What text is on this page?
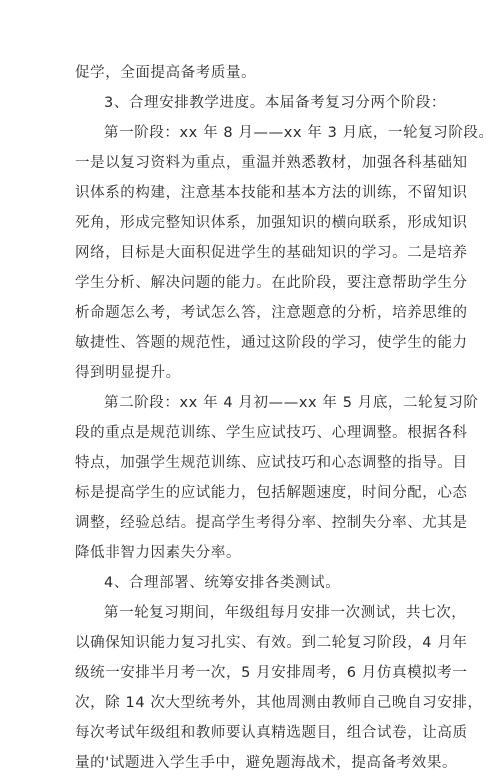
促学，全面提高备考质量。
3、合理安排教学进度。本届备考复习分两个阶段：
第一阶段：xx 年 8 月——xx 年 3 月底，一轮复习阶段。
一是以复习资料为重点，重温并熟悉教材，加强各科基础知
识体系的构建，注意基本技能和基本方法的训练，不留知识
死角，形成完整知识体系，加强知识的横向联系，形成知识
网络，目标是大面积促进学生的基础知识的学习。二是培养
学生分析、解决问题的能力。在此阶段，要注意帮助学生分
析命题怎么考，考试怎么答，注意题意的分析，培养思维的
敏捷性、答题的规范性，通过这阶段的学习，使学生的能力
得到明显提升。
第二阶段：xx 年 4 月初——xx 年 5 月底，二轮复习阶
段的重点是规范训练、学生应试技巧、心理调整。根据各科
特点，加强学生规范训练、应试技巧和心态调整的指导。目
标是提高学生的应试能力，包括解题速度，时间分配，心态
调整，经验总结。提高学生考得分率、控制失分率、尤其是
降低非智力因素失分率。
4、合理部署、统筹安排各类测试。
第一轮复习期间，年级组每月安排一次测试，共七次，
以确保知识能力复习扎实、有效。到二轮复习阶段，4 月年
级统一安排半月考一次，5 月安排周考，6 月仿真模拟考一
次，除 14 次大型统考外，其他周测由教师自己晚自习安排，
每次考试年级组和教师要认真精选题目，组合试卷，让高质
量的'试题进入学生手中，避免题海战术，提高备考效果。
